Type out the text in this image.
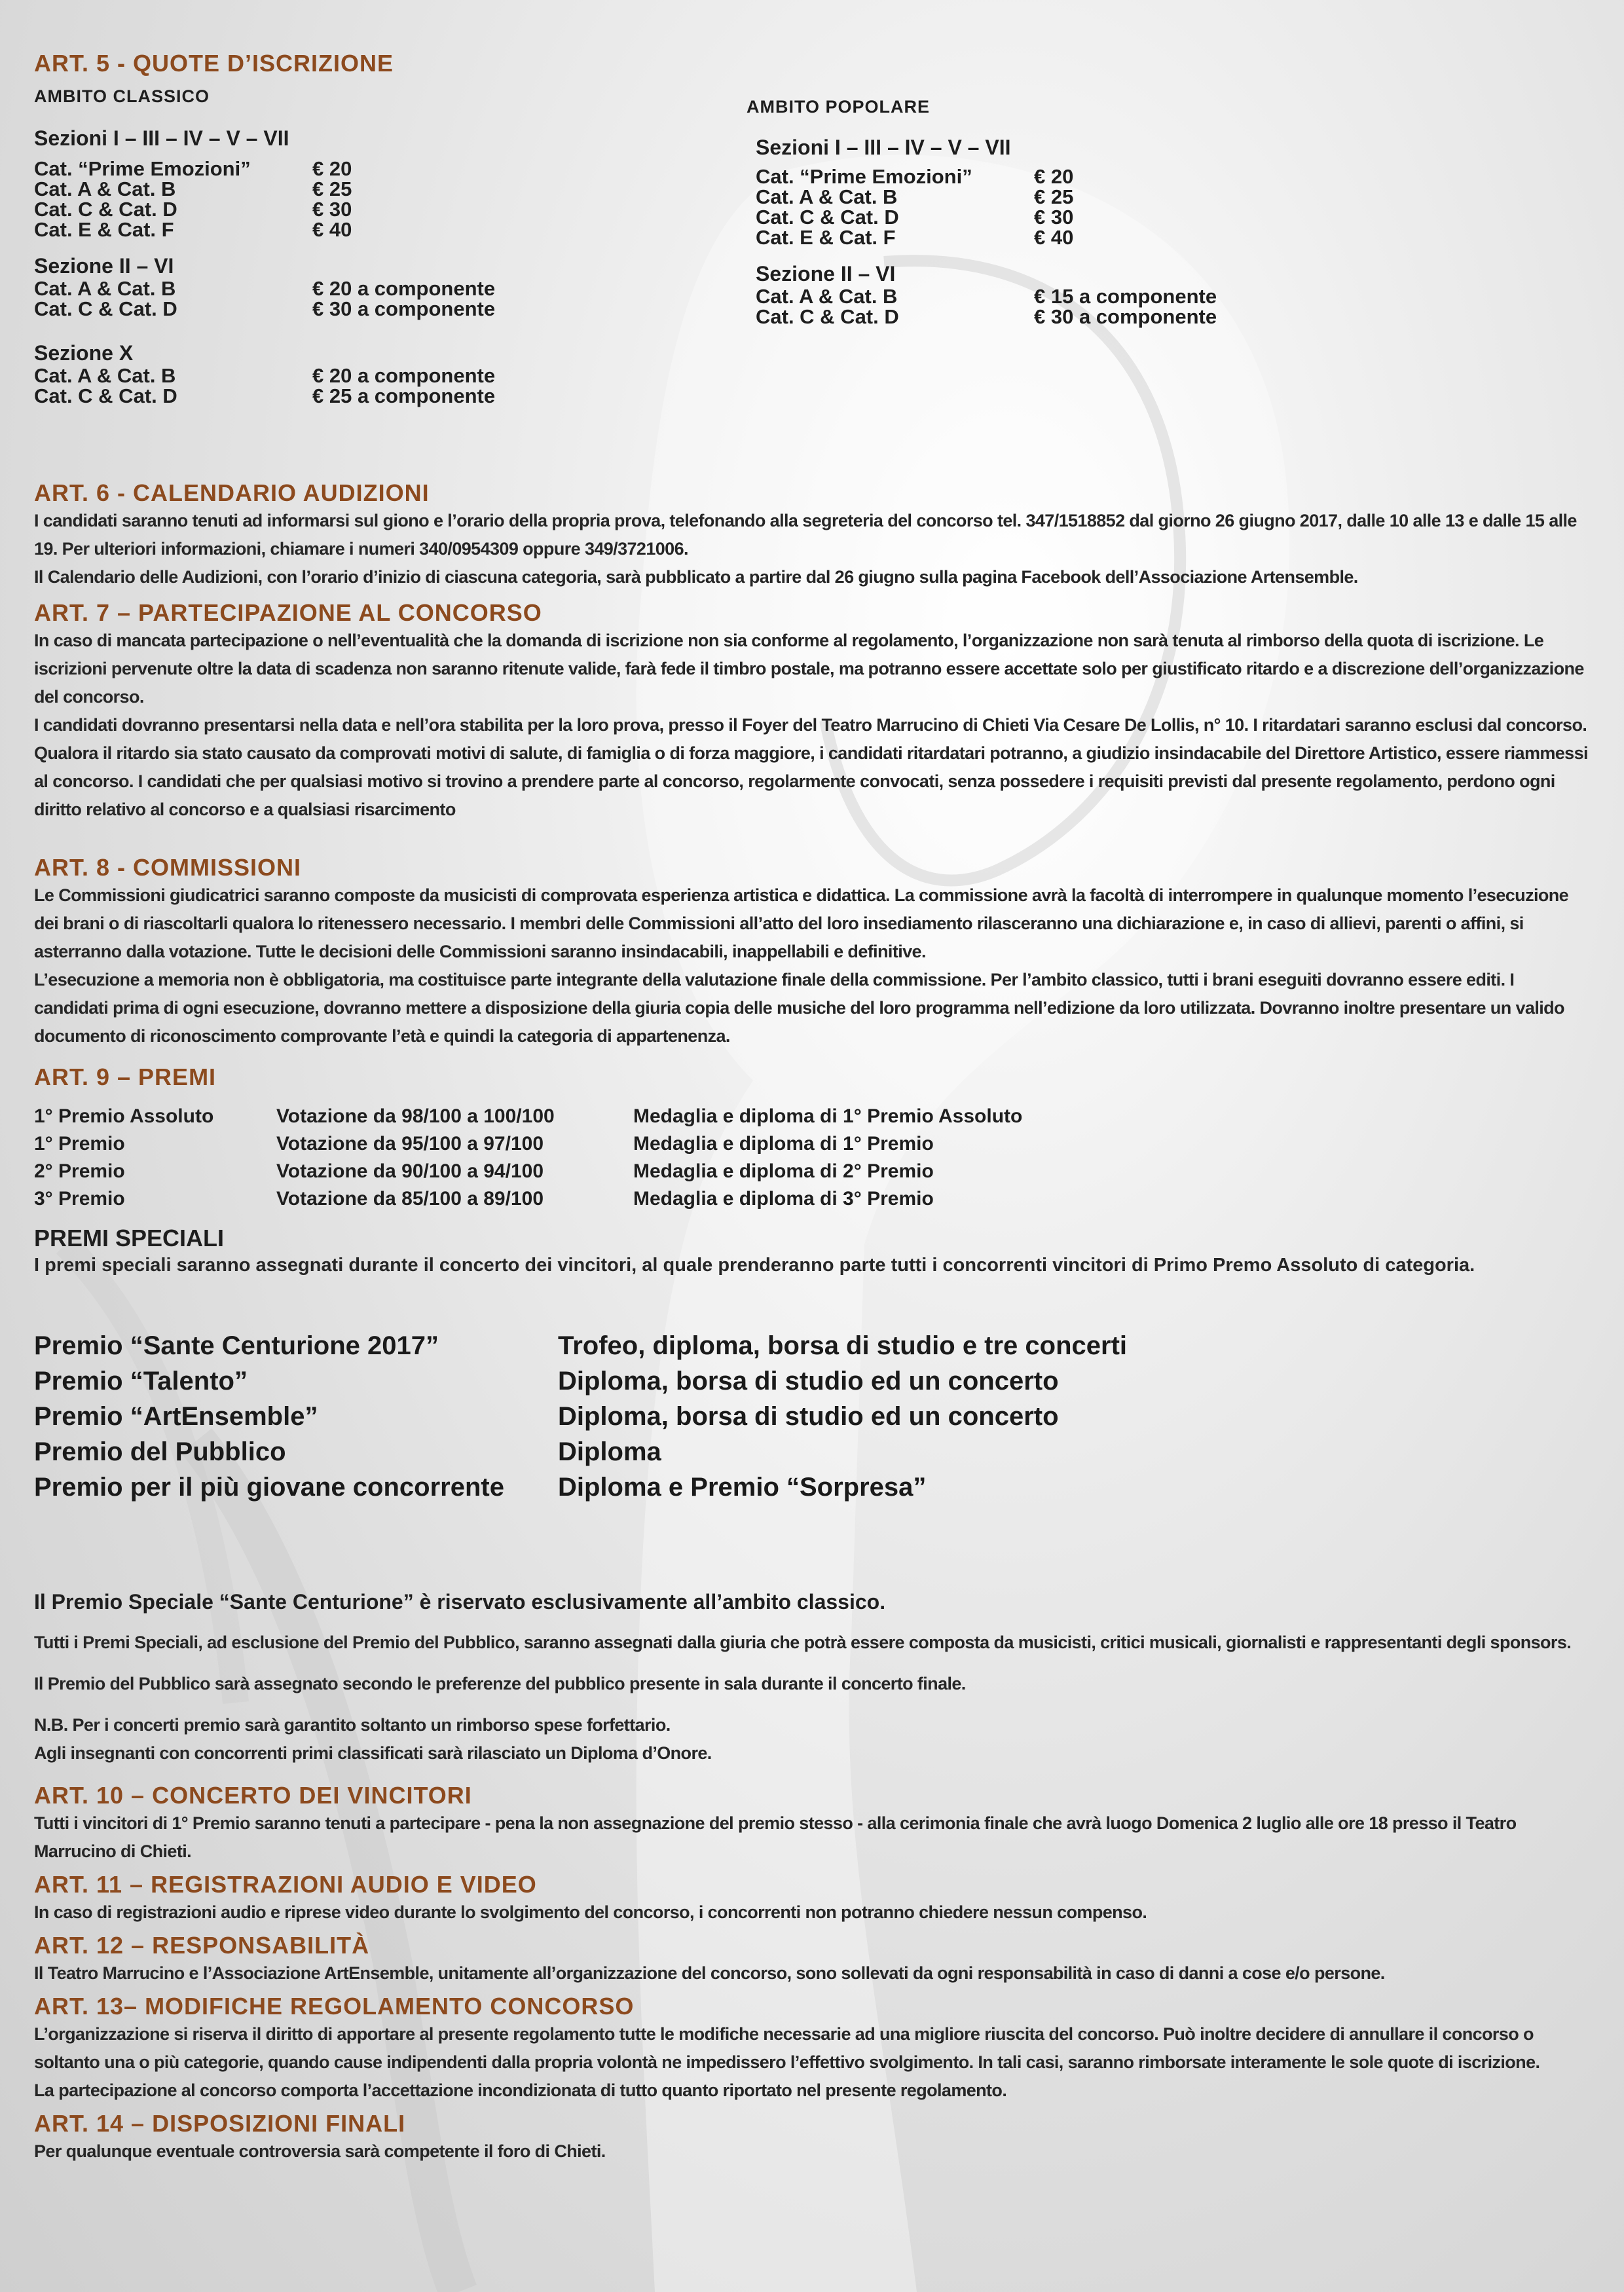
ART. 5 - QUOTE D’ISCRIZIONE

AMBITO CLASSICO

Sezioni I – III – IV – V – VII

Cat. “Prime Emozioni”	€ 20
Cat. A & Cat. B	€ 25
Cat. C & Cat. D	€ 30
Cat. E & Cat. F	€ 40

Sezione II – VI

Cat. A & Cat. B	€ 20 a componente
Cat. C & Cat. D	€ 30 a componente

Sezione X

Cat. A & Cat. B	€ 20 a componente
Cat. C & Cat. D	€ 25 a componente

AMBITO POPOLARE

Sezioni I – III – IV – V – VII

Cat. “Prime Emozioni”	€ 20
Cat. A & Cat. B	€ 25
Cat. C & Cat. D	€ 30
Cat. E & Cat. F	€ 40

Sezione II – VI

Cat. A & Cat. B	€ 15 a componente
Cat. C & Cat. D	€ 30 a componente
ART. 6 - CALENDARIO AUDIZIONI

I candidati saranno tenuti ad informarsi sul giono e l’orario della propria prova, telefonando alla segreteria del concorso tel. 347/1518852 dal giorno 26 giugno 2017, dalle 10 alle 13 e dalle 15 alle 19. Per ulteriori informazioni, chiamare i numeri 340/0954309 oppure 349/3721006.

Il Calendario delle Audizioni, con l’orario d’inizio di ciascuna categoria, sarà pubblicato a partire dal 26 giugno sulla pagina Facebook dell’Associazione Artensemble.

ART. 7 – PARTECIPAZIONE AL CONCORSO

In caso di mancata partecipazione o nell’eventualità che la domanda di iscrizione non sia conforme al regolamento, l’organizzazione non sarà tenuta al rimborso della quota di iscrizione. Le iscrizioni pervenute oltre la data di scadenza non saranno ritenute valide, farà fede il timbro postale, ma potranno essere accettate solo per giustificato ritardo e a discrezione dell’organizzazione del concorso.

I candidati dovranno presentarsi nella data e nell’ora stabilita per la loro prova, presso il Foyer del Teatro Marrucino di Chieti Via Cesare De Lollis, n° 10. I ritardatari saranno esclusi dal concorso. Qualora il ritardo sia stato causato da comprovati motivi di salute, di famiglia o di forza maggiore, i candidati ritardatari potranno, a giudizio insindacabile del Direttore Artistico, essere riammessi al concorso. I candidati che per qualsiasi motivo si trovino a prendere parte al concorso, regolarmente convocati, senza possedere i requisiti previsti dal presente regolamento, perdono ogni diritto relativo al concorso e a qualsiasi risarcimento

ART. 8 - COMMISSIONI

Le Commissioni giudicatrici saranno composte da musicisti di comprovata esperienza artistica e didattica. La commissione avrà la facoltà di interrompere in qualunque momento l’esecuzione dei brani o di riascoltarli qualora lo ritenessero necessario. I membri delle Commissioni all’atto del loro insediamento rilasceranno una dichiarazione e, in caso di allievi, parenti o affini, si asterranno dalla votazione. Tutte le decisioni delle Commissioni saranno insindacabili, inappellabili e definitive.

L’esecuzione a memoria non è obbligatoria, ma costituisce parte integrante della valutazione finale della commissione. Per l’ambito classico, tutti i brani eseguiti dovranno essere editi. I candidati prima di ogni esecuzione, dovranno mettere a disposizione della giuria copia delle musiche del loro programma nell’edizione da loro utilizzata. Dovranno inoltre presentare un valido documento di riconoscimento comprovante l’età e quindi la categoria di appartenenza.

ART. 9 – PREMI
1° Premio Assoluto	Votazione da 98/100 a 100/100	Medaglia e diploma di 1° Premio Assoluto
1° Premio	Votazione da 95/100 a 97/100	Medaglia e diploma di 1° Premio
2° Premio	Votazione da 90/100 a 94/100	Medaglia e diploma di 2° Premio
3° Premio	Votazione da 85/100 a 89/100	Medaglia e diploma di 3° Premio
PREMI SPECIALI

I premi speciali saranno assegnati durante il concerto dei vincitori, al quale prenderanno parte tutti i concorrenti vincitori di Primo Premo Assoluto di categoria.

Premio “Sante Centurione 2017”	Trofeo, diploma, borsa di studio e tre concerti
Premio “Talento”	Diploma, borsa di studio ed un concerto
Premio “ArtEnsemble”	Diploma, borsa di studio ed un concerto
Premio del Pubblico	Diploma
Premio per il più giovane concorrente	Diploma e Premio “Sorpresa”

Il Premio Speciale “Sante Centurione” è riservato esclusivamente all’ambito classico.

Tutti i Premi Speciali, ad esclusione del Premio del Pubblico, saranno assegnati dalla giuria che potrà essere composta da musicisti, critici musicali, giornalisti e rappresentanti degli sponsors.

Il Premio del Pubblico sarà assegnato secondo le preferenze del pubblico presente in sala durante il concerto finale.

N.B. Per i concerti premio sarà garantito soltanto un rimborso spese forfettario.

Agli insegnanti con concorrenti primi classificati sarà rilasciato un Diploma d’Onore.

ART. 10 – CONCERTO DEI VINCITORI

Tutti i vincitori di 1° Premio saranno tenuti a partecipare - pena la non assegnazione del premio stesso - alla cerimonia finale che avrà luogo Domenica 2 luglio alle ore 18 presso il Teatro Marrucino di Chieti.

ART. 11 – REGISTRAZIONI AUDIO E VIDEO

In caso di registrazioni audio e riprese video durante lo svolgimento del concorso, i concorrenti non potranno chiedere nessun compenso.

ART. 12 – RESPONSABILITÀ

Il Teatro Marrucino e l’Associazione ArtEnsemble, unitamente all’organizzazione del concorso, sono sollevati da ogni responsabilità in caso di danni a cose e/o persone.

ART. 13– MODIFICHE REGOLAMENTO CONCORSO

L’organizzazione si riserva il diritto di apportare al presente regolamento tutte le modifiche necessarie ad una migliore riuscita del concorso. Può inoltre decidere di annullare il concorso o soltanto una o più categorie, quando cause indipendenti dalla propria volontà ne impedissero l’effettivo svolgimento. In tali casi, saranno rimborsate interamente le sole quote di iscrizione.

La partecipazione al concorso comporta l’accettazione incondizionata di tutto quanto riportato nel presente regolamento.

ART. 14 – DISPOSIZIONI FINALI

Per qualunque eventuale controversia sarà competente il foro di Chieti.
